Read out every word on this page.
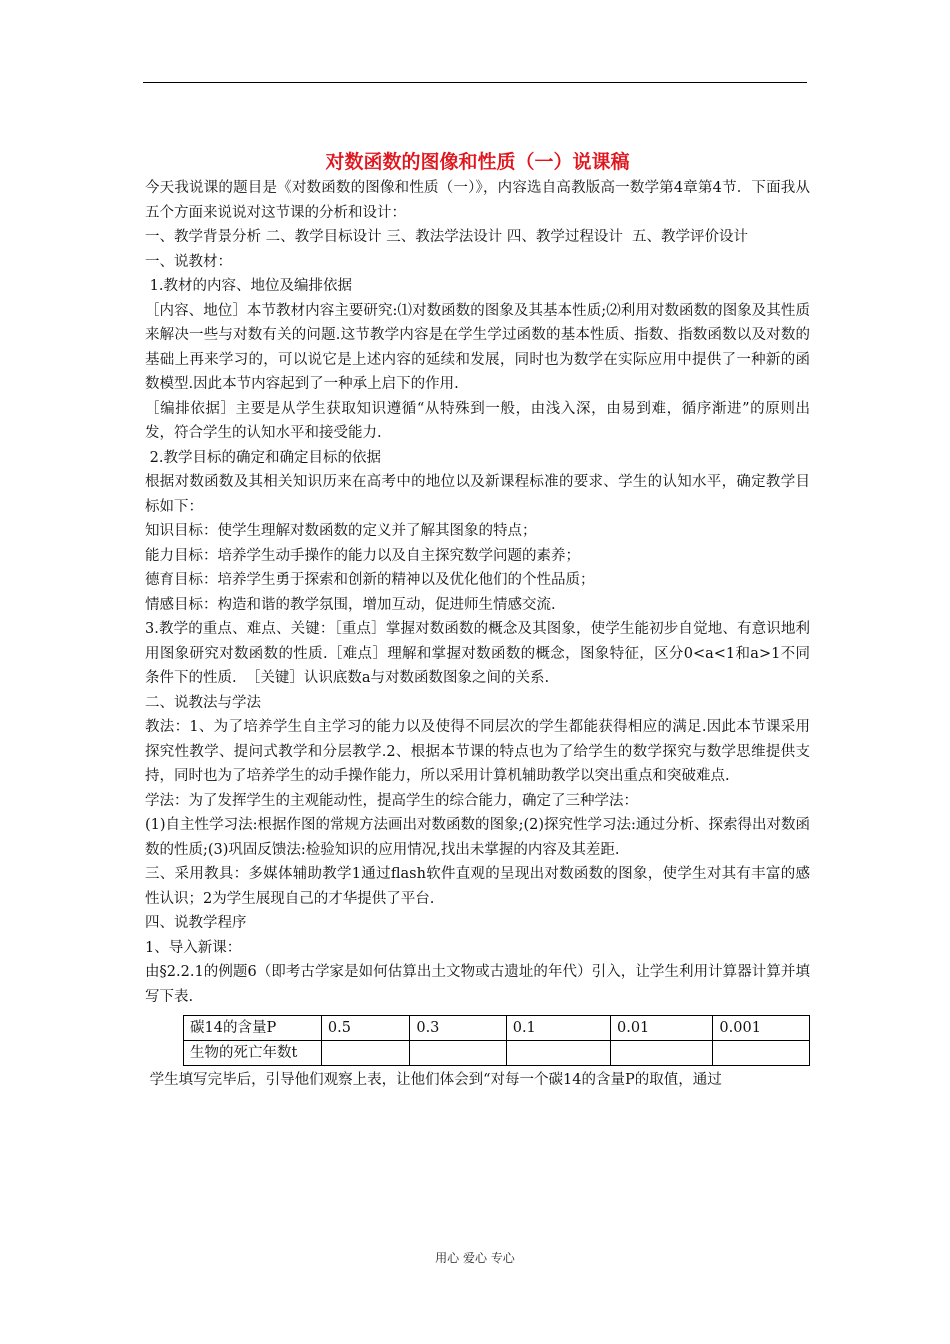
对数函数的图像和性质（一）说课稿

今天我说课的题目是《对数函数的图像和性质（一）》，内容选自高教版高一数学第4章第4节．下面我从五个方面来说说对这节课的分析和设计：

一、教学背景分析 二、教学目标设计 三、教法学法设计 四、教学过程设计  五、教学评价设计

一、说教材：

1.教材的内容、地位及编排依据

［内容、地位］本节教材内容主要研究:⑴对数函数的图象及其基本性质;⑵利用对数函数的图象及其性质来解决一些与对数有关的问题.这节教学内容是在学生学过函数的基本性质、指数、指数函数以及对数的基础上再来学习的，可以说它是上述内容的延续和发展，同时也为数学在实际应用中提供了一种新的函数模型.因此本节内容起到了一种承上启下的作用.

［编排依据］主要是从学生获取知识遵循“从特殊到一般，由浅入深，由易到难，循序渐进”的原则出发，符合学生的认知水平和接受能力.

2.教学目标的确定和确定目标的依据

根据对数函数及其相关知识历来在高考中的地位以及新课程标准的要求、学生的认知水平，确定教学目标如下：

知识目标：使学生理解对数函数的定义并了解其图象的特点；

能力目标：培养学生动手操作的能力以及自主探究数学问题的素养；

德育目标：培养学生勇于探索和创新的精神以及优化他们的个性品质；

情感目标：构造和谐的教学氛围，增加互动，促进师生情感交流.

3.教学的重点、难点、关键：［重点］掌握对数函数的概念及其图象，使学生能初步自觉地、有意识地利用图象研究对数函数的性质.［难点］理解和掌握对数函数的概念，图象特征，区分0<a<1和a>1不同条件下的性质.  ［关键］认识底数a与对数函数图象之间的关系.

二、说教法与学法

教法：1、为了培养学生自主学习的能力以及使得不同层次的学生都能获得相应的满足.因此本节课采用探究性教学、提问式教学和分层教学.2、根据本节课的特点也为了给学生的数学探究与数学思维提供支持，同时也为了培养学生的动手操作能力，所以采用计算机辅助教学以突出重点和突破难点.

学法：为了发挥学生的主观能动性，提高学生的综合能力，确定了三种学法：

(1)自主性学习法:根据作图的常规方法画出对数函数的图象;(2)探究性学习法:通过分析、探索得出对数函数的性质;(3)巩固反馈法:检验知识的应用情况,找出未掌握的内容及其差距.

三、采用教具：多媒体辅助教学1通过flash软件直观的呈现出对数函数的图象，使学生对其有丰富的感性认识；2为学生展现自己的才华提供了平台.

四、说教学程序

1、导入新课：

由§2.2.1的例题6（即考古学家是如何估算出土文物或古遗址的年代）引入，让学生利用计算器计算并填写下表.

碳14的含量P	0.5	0.3	0.1	0.01	0.001
生物的死亡年数t					

学生填写完毕后，引导他们观察上表，让他们体会到“对每一个碳14的含量P的取值，通过

用心 爱心 专心
